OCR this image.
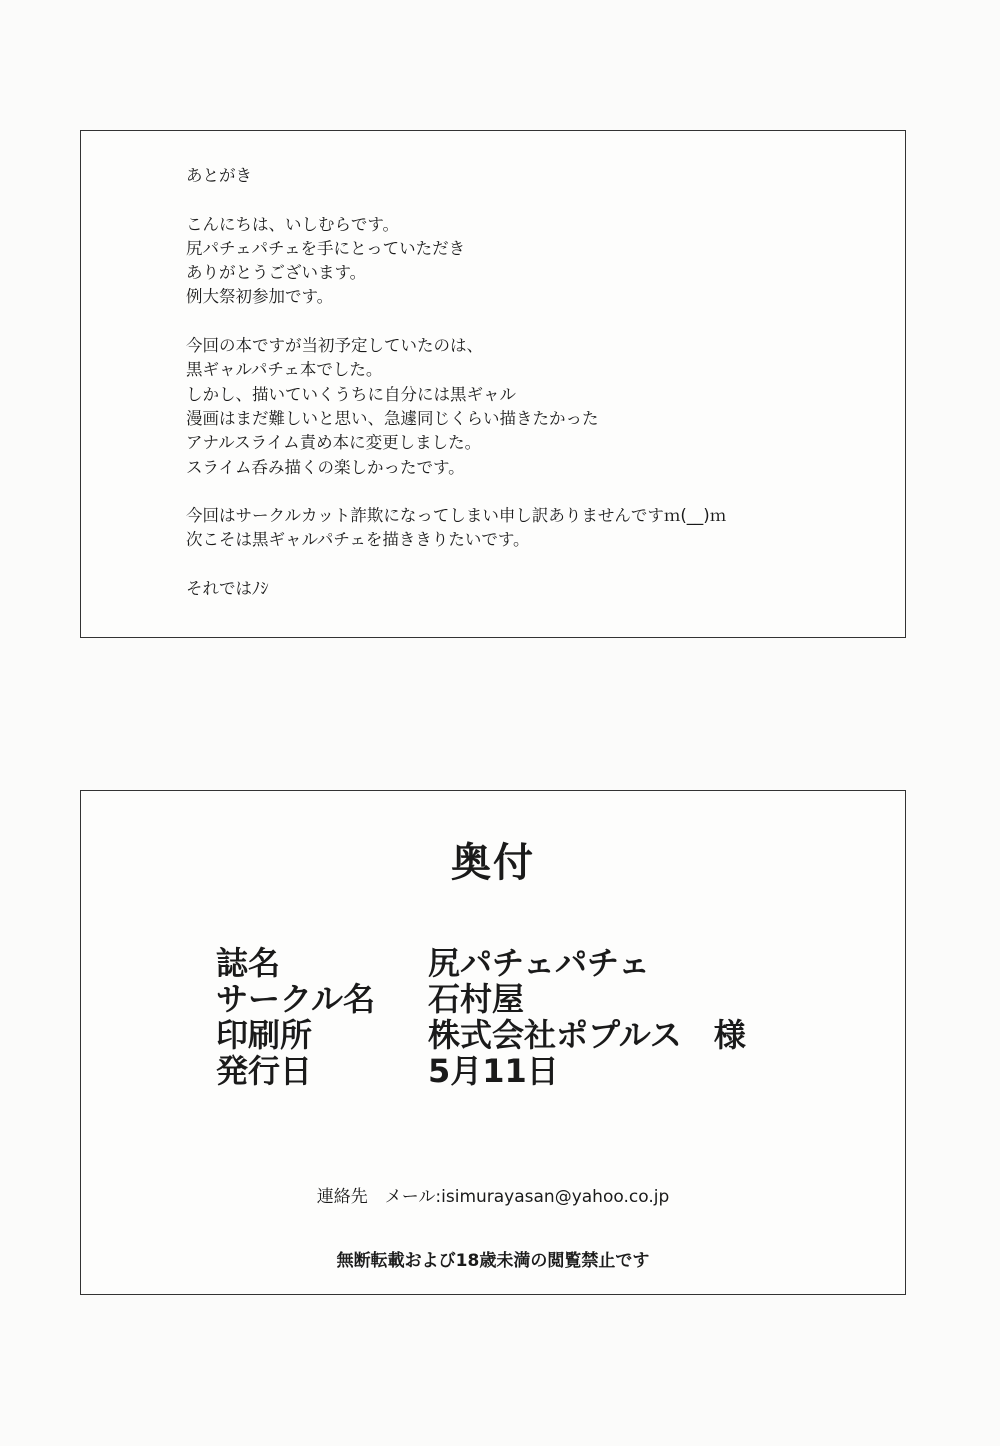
あとがき
こんにちは、いしむらです。
尻パチェパチェを手にとっていただき
ありがとうございます。
例大祭初参加です。
今回の本ですが当初予定していたのは、
黒ギャルパチェ本でした。
しかし、描いていくうちに自分には黒ギャル
漫画はまだ難しいと思い、急遽同じくらい描きたかった
アナルスライム責め本に変更しました。
スライム呑み描くの楽しかったです。
今回はサークルカット詐欺になってしまい申し訳ありませんですｍ(__)ｍ
次こそは黒ギャルパチェを描ききりたいです。
それではﾉｼ
奥付
誌名	尻パチェパチェ
サークル名	石村屋
印刷所	株式会社ポプルス　様
発行日	5月11日
連絡先　メール:isimurayasan@yahoo.co.jp
無断転載および18歳未満の閲覧禁止です
